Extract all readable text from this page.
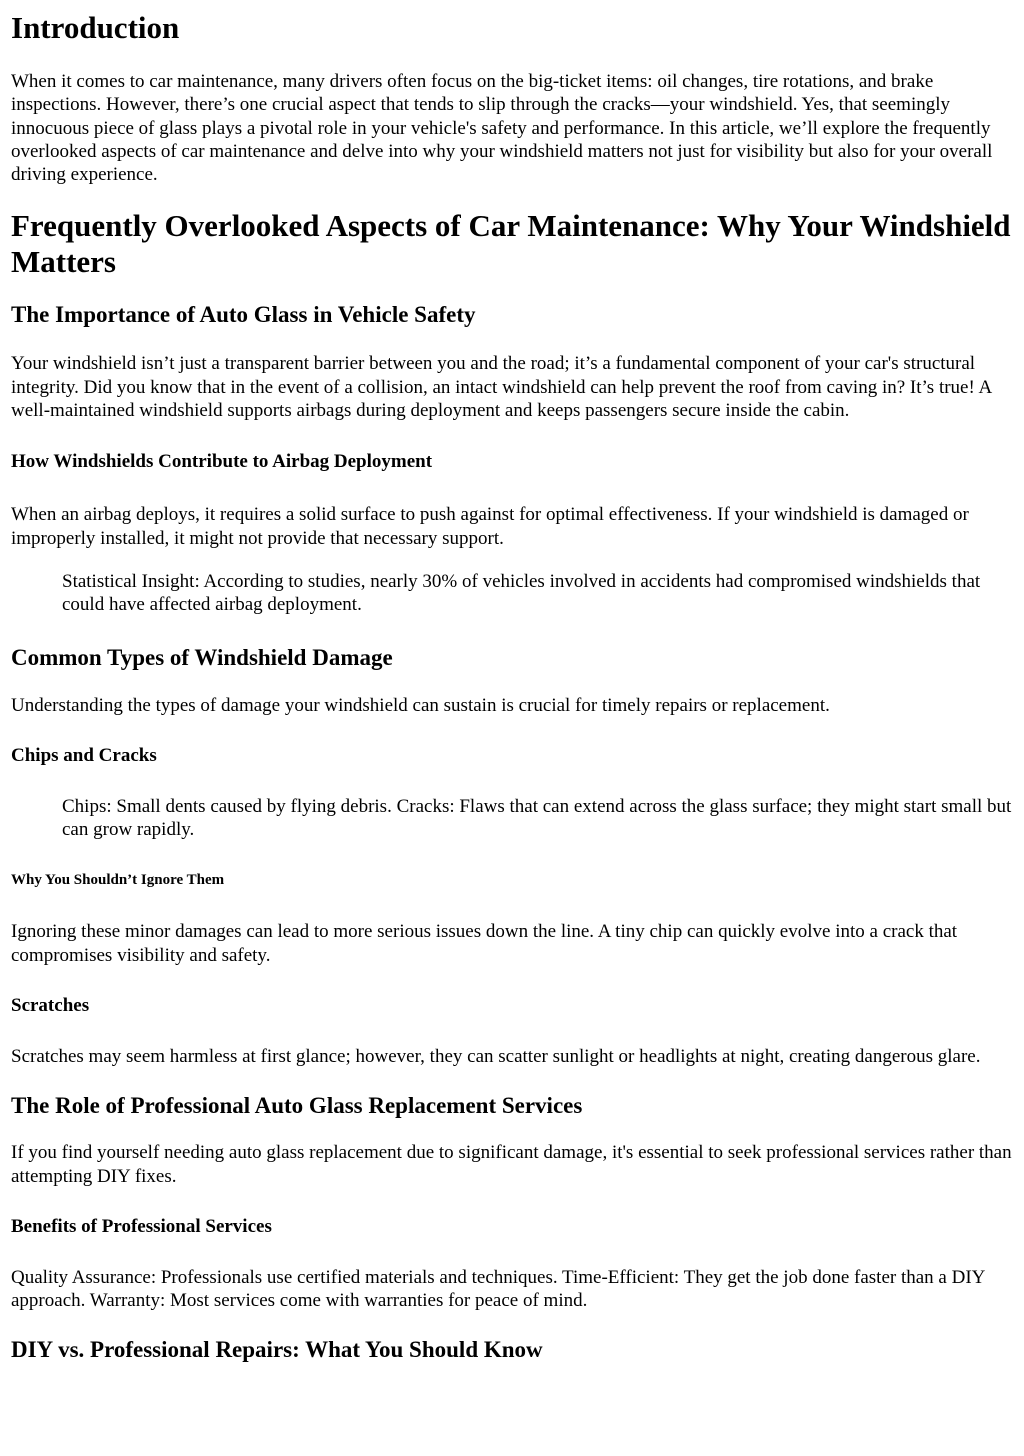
Introduction

When it comes to car maintenance, many drivers often focus on the big-ticket items: oil changes, tire rotations, and brake inspections. However, there’s one crucial aspect that tends to slip through the cracks—your windshield. Yes, that seemingly innocuous piece of glass plays a pivotal role in your vehicle's safety and performance. In this article, we’ll explore the frequently overlooked aspects of car maintenance and delve into why your windshield matters not just for visibility but also for your overall driving experience.

Frequently Overlooked Aspects of Car Maintenance: Why Your Windshield Matters
The Importance of Auto Glass in Vehicle Safety

Your windshield isn’t just a transparent barrier between you and the road; it’s a fundamental component of your car's structural integrity. Did you know that in the event of a collision, an intact windshield can help prevent the roof from caving in? It’s true! A well-maintained windshield supports airbags during deployment and keeps passengers secure inside the cabin.

How Windshields Contribute to Airbag Deployment

When an airbag deploys, it requires a solid surface to push against for optimal effectiveness. If your windshield is damaged or improperly installed, it might not provide that necessary support.

Statistical Insight: According to studies, nearly 30% of vehicles involved in accidents had compromised windshields that could have affected airbag deployment.
Common Types of Windshield Damage

Understanding the types of damage your windshield can sustain is crucial for timely repairs or replacement.

Chips and Cracks
Chips: Small dents caused by flying debris. Cracks: Flaws that can extend across the glass surface; they might start small but can grow rapidly.
Why You Shouldn’t Ignore Them

Ignoring these minor damages can lead to more serious issues down the line. A tiny chip can quickly evolve into a crack that compromises visibility and safety.

Scratches

Scratches may seem harmless at first glance; however, they can scatter sunlight or headlights at night, creating dangerous glare.

The Role of Professional Auto Glass Replacement Services

If you find yourself needing auto glass replacement due to significant damage, it's essential to seek professional services rather than attempting DIY fixes.

Benefits of Professional Services

Quality Assurance: Professionals use certified materials and techniques. Time-Efficient: They get the job done faster than a DIY approach. Warranty: Most services come with warranties for peace of mind.

DIY vs. Professional Repairs: What You Should Know
